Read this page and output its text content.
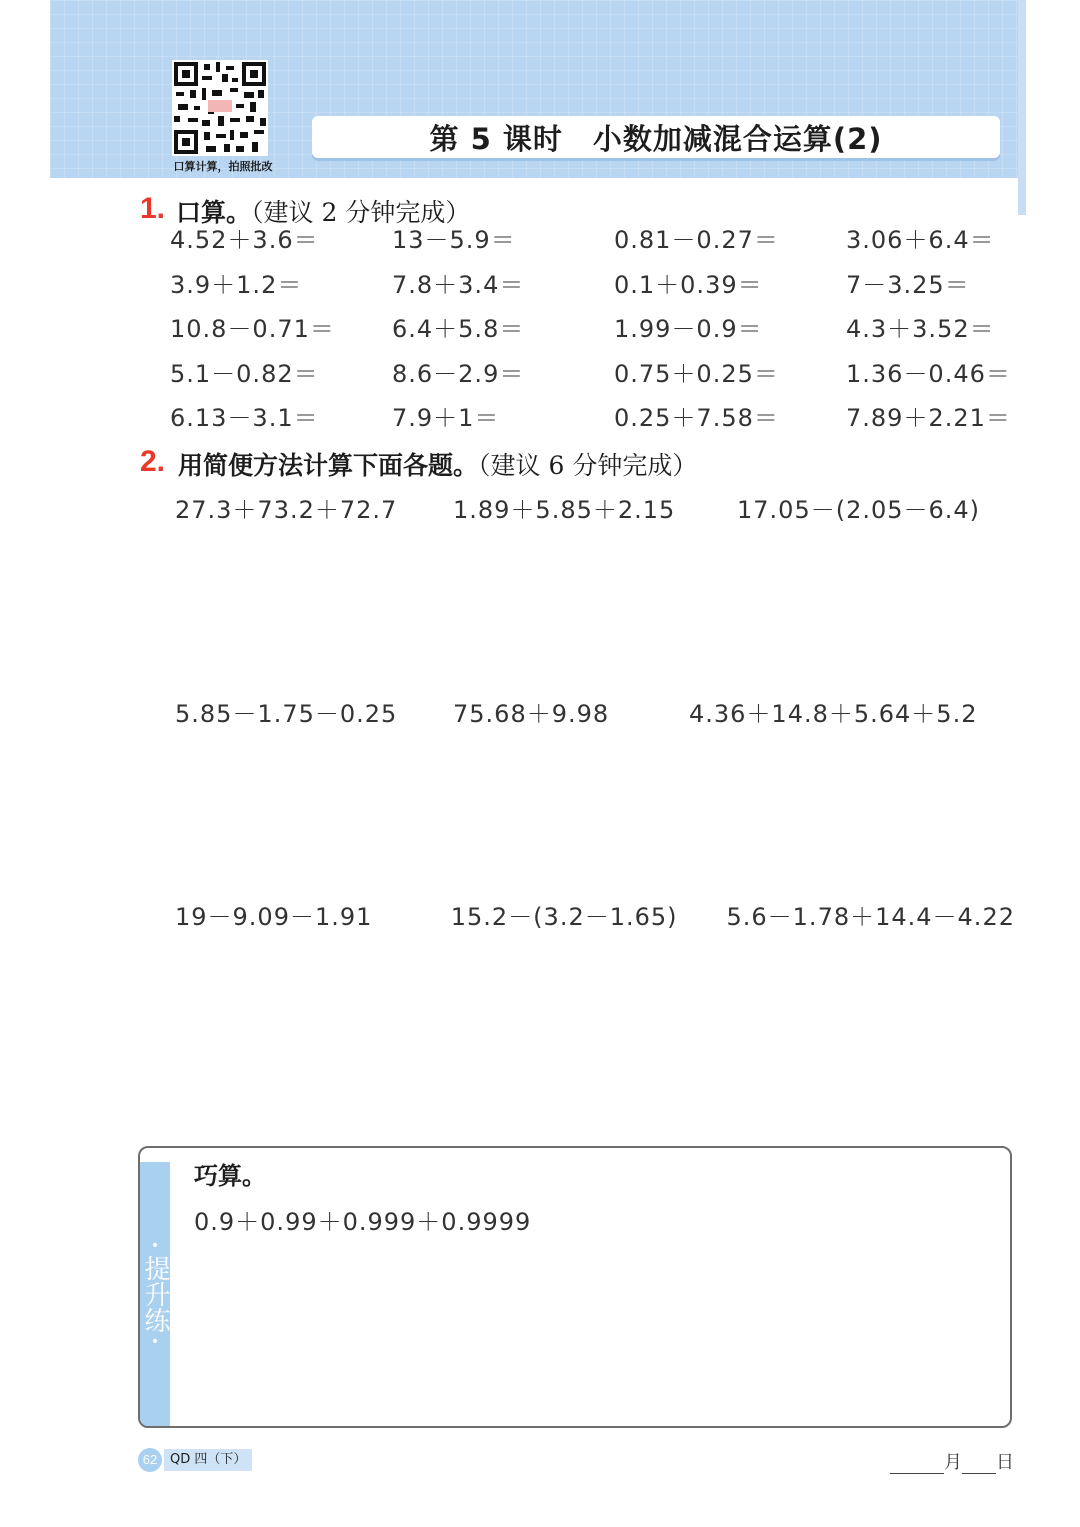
口算计算，拍照批改
第 5 课时　小数加减混合运算(2)
1. 口算。（建议 2 分钟完成）
4.52＋3.6＝	13－5.9＝	0.81－0.27＝	3.06＋6.4＝
3.9＋1.2＝	7.8＋3.4＝	0.1＋0.39＝	7－3.25＝
10.8－0.71＝	6.4＋5.8＝	1.99－0.9＝	4.3＋3.52＝
5.1－0.82＝	8.6－2.9＝	0.75＋0.25＝	1.36－0.46＝
6.13－3.1＝	7.9＋1＝	0.25＋7.58＝	7.89＋2.21＝
2. 用简便方法计算下面各题。（建议 6 分钟完成）
27.3＋73.2＋72.7	1.89＋5.85＋2.15	17.05－(2.05－6.4)
5.85－1.75－0.25	75.68＋9.98	4.36＋14.8＋5.64＋5.2
19－9.09－1.91	15.2－(3.2－1.65)	5.6－1.78＋14.4－4.22
•
提升练
•
巧算。
0.9＋0.99＋0.999＋0.9999
62 QD 四（下）	月 日
